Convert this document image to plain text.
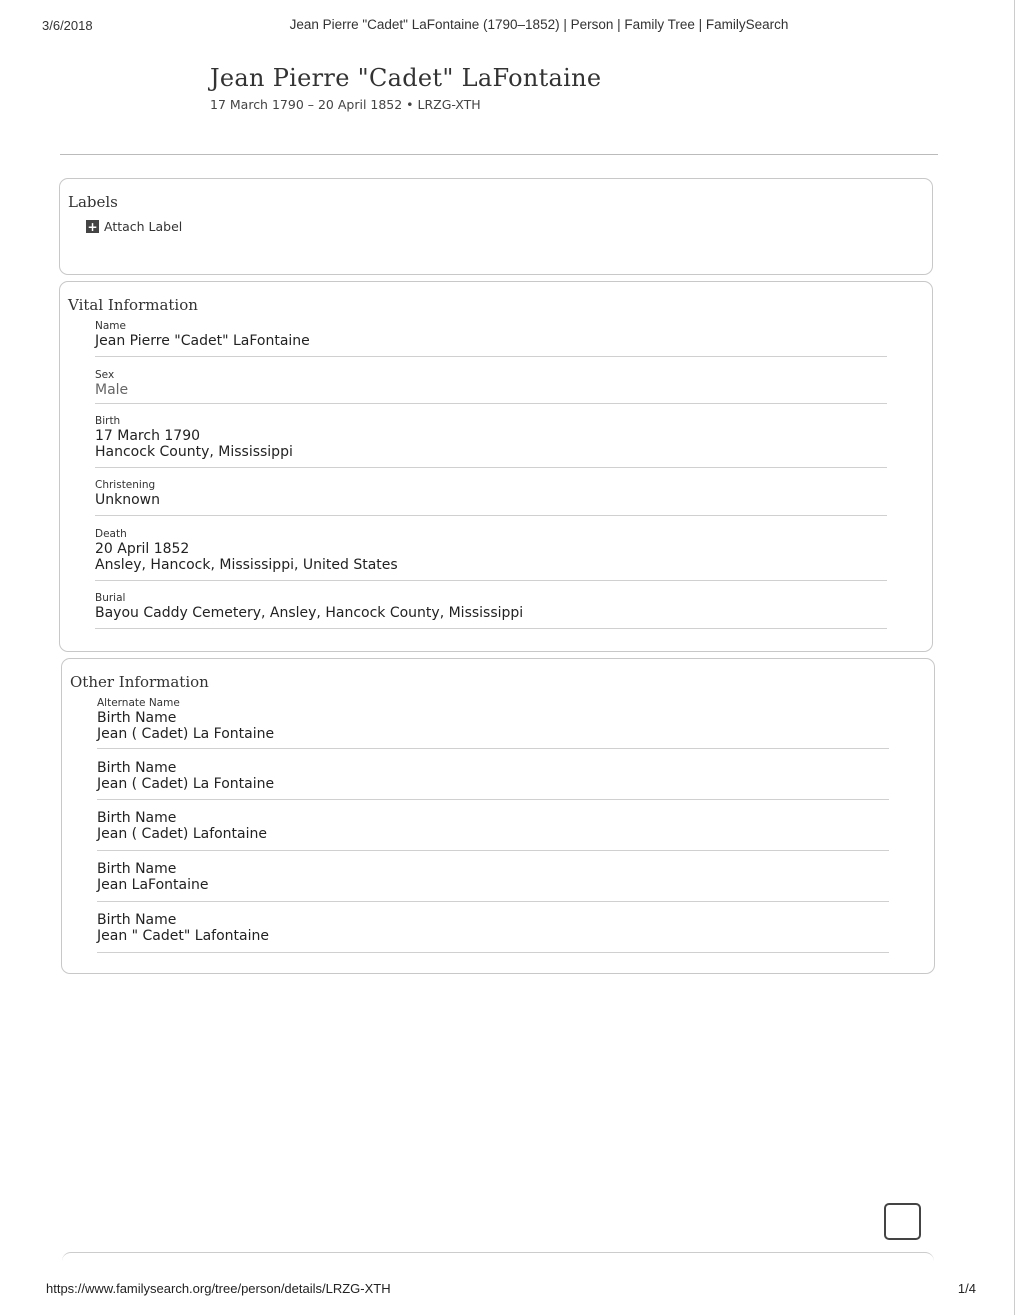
3/6/2018	Jean Pierre "Cadet" LaFontaine (1790–1852) | Person | Family Tree | FamilySearch
Jean Pierre "Cadet" LaFontaine
17 March 1790 – 20 April 1852 • LRZG-XTH
Labels
+ Attach Label
Vital Information
Name
Jean Pierre "Cadet" LaFontaine
Sex
Male
Birth
17 March 1790
Hancock County, Mississippi
Christening
Unknown
Death
20 April 1852
Ansley, Hancock, Mississippi, United States
Burial
Bayou Caddy Cemetery, Ansley, Hancock County, Mississippi
Other Information
Alternate Name
Birth Name
Jean ( Cadet) La Fontaine
Birth Name
Jean ( Cadet) La Fontaine
Birth Name
Jean ( Cadet) Lafontaine
Birth Name
Jean LaFontaine
Birth Name
Jean " Cadet" Lafontaine
https://www.familysearch.org/tree/person/details/LRZG-XTH	1/4
